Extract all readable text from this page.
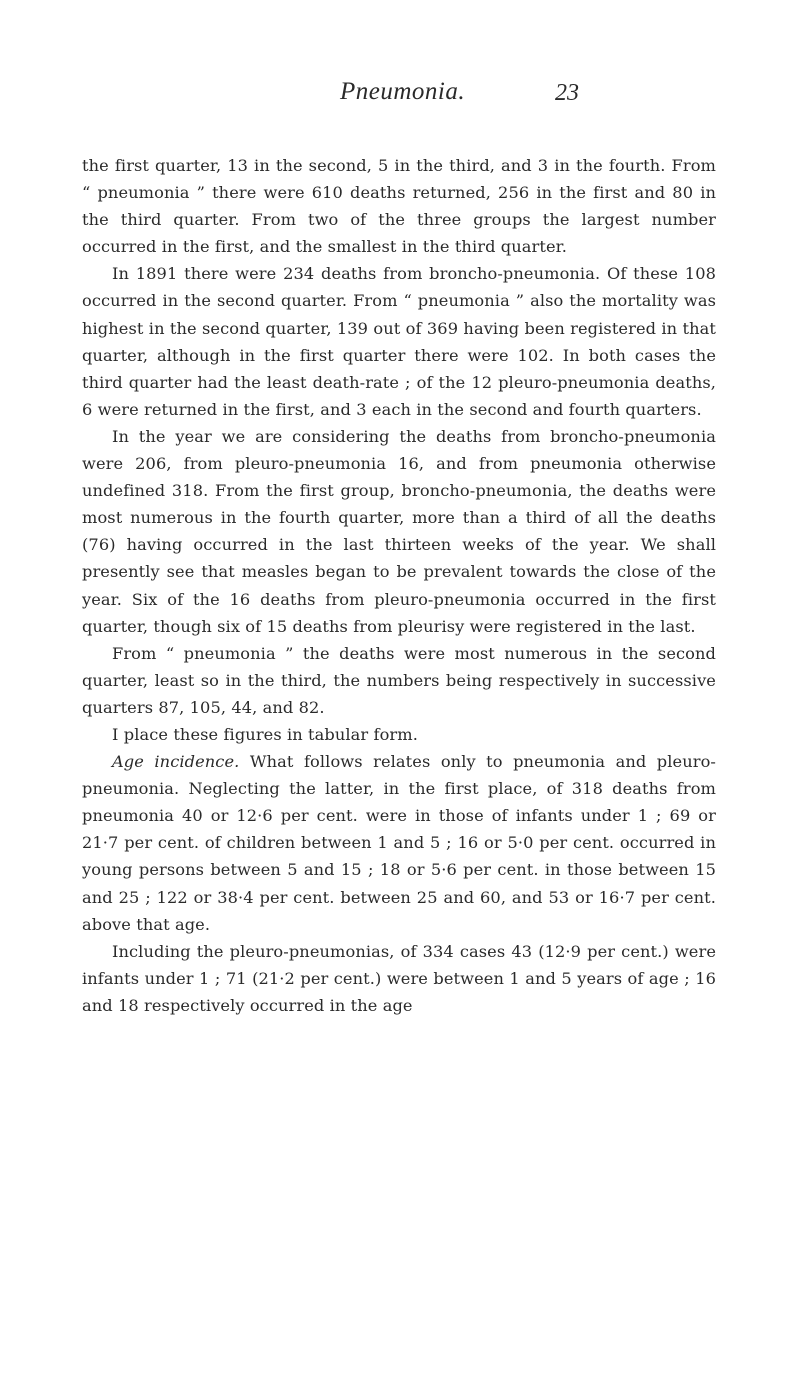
Pneumonia.	23

the first quarter, 13 in the second, 5 in the third, and 3 in the fourth. From “ pneumonia ” there were 610 deaths returned, 256 in the first and 80 in the third quarter. From two of the three groups the largest number occurred in the first, and the smallest in the third quarter.

In 1891 there were 234 deaths from broncho-pneumonia. Of these 108 occurred in the second quarter. From “ pneumonia ” also the mortality was highest in the second quarter, 139 out of 369 having been registered in that quarter, although in the first quarter there were 102. In both cases the third quarter had the least death-rate ; of the 12 pleuro-pneumonia deaths, 6 were returned in the first, and 3 each in the second and fourth quarters.

In the year we are considering the deaths from broncho-pneumonia were 206, from pleuro-pneumonia 16, and from pneumonia otherwise undefined 318. From the first group, broncho-pneumonia, the deaths were most numerous in the fourth quarter, more than a third of all the deaths (76) having occurred in the last thirteen weeks of the year. We shall presently see that measles began to be prevalent towards the close of the year. Six of the 16 deaths from pleuro-pneumonia occurred in the first quarter, though six of 15 deaths from pleurisy were registered in the last.

From “ pneumonia ” the deaths were most numerous in the second quarter, least so in the third, the numbers being respectively in successive quarters 87, 105, 44, and 82.

I place these figures in tabular form.

Age incidence. What follows relates only to pneumonia and pleuro-pneumonia. Neglecting the latter, in the first place, of 318 deaths from pneumonia 40 or 12·6 per cent. were in those of infants under 1 ; 69 or 21·7 per cent. of children between 1 and 5 ; 16 or 5·0 per cent. occurred in young persons between 5 and 15 ; 18 or 5·6 per cent. in those between 15 and 25 ; 122 or 38·4 per cent. between 25 and 60, and 53 or 16·7 per cent. above that age.

Including the pleuro-pneumonias, of 334 cases 43 (12·9 per cent.) were infants under 1 ; 71 (21·2 per cent.) were between 1 and 5 years of age ; 16 and 18 respectively occurred in the age
